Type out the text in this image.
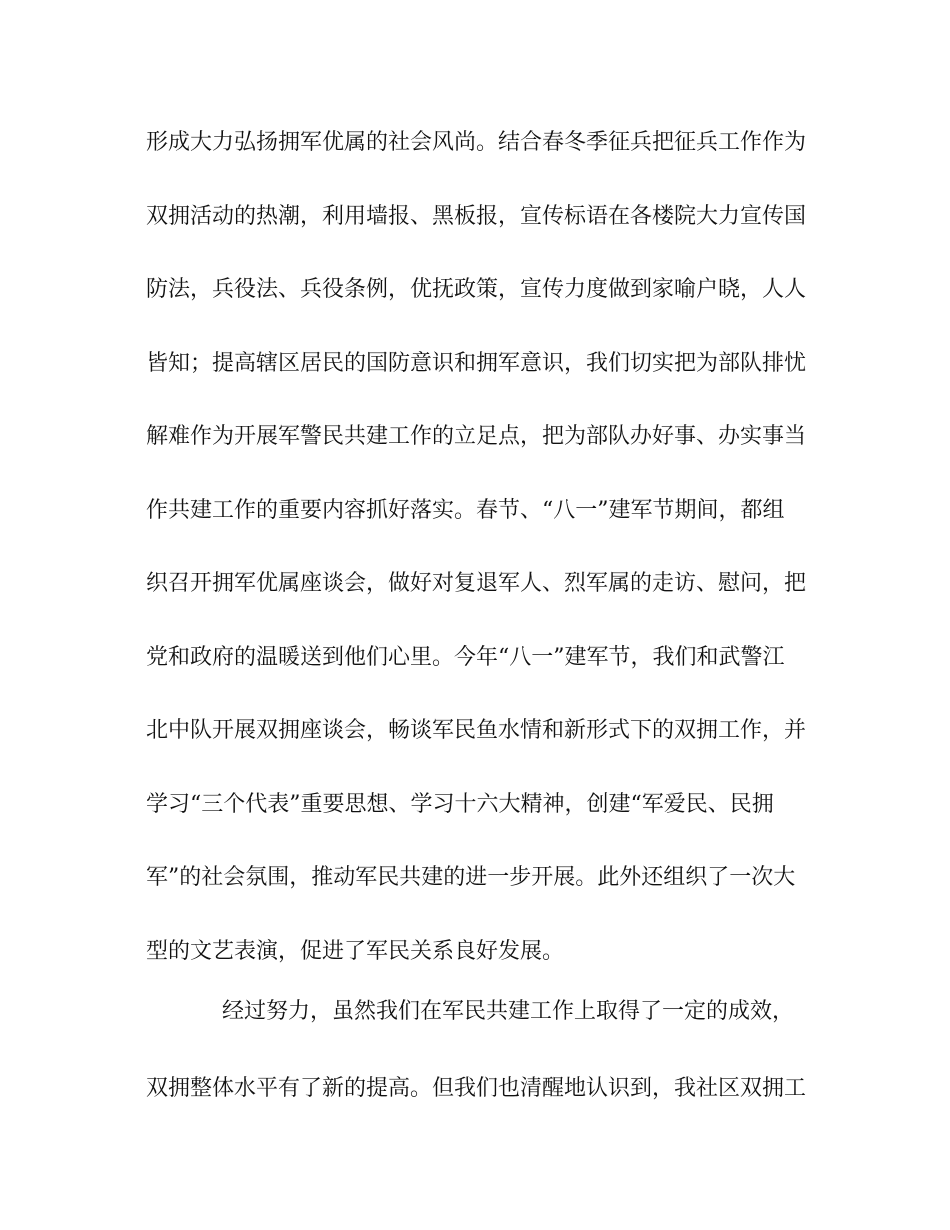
形成大力弘扬拥军优属的社会风尚。结合春冬季征兵把征兵工作作为
双拥活动的热潮，利用墙报、黑板报，宣传标语在各楼院大力宣传国
防法，兵役法、兵役条例，优抚政策，宣传力度做到家喻户晓，人人
皆知；提高辖区居民的国防意识和拥军意识，我们切实把为部队排忧
解难作为开展军警民共建工作的立足点，把为部队办好事、办实事当
作共建工作的重要内容抓好落实。春节、“八一”建军节期间，都组
织召开拥军优属座谈会，做好对复退军人、烈军属的走访、慰问，把
党和政府的温暖送到他们心里。今年“八一”建军节，我们和武警江
北中队开展双拥座谈会，畅谈军民鱼水情和新形式下的双拥工作，并
学习“三个代表”重要思想、学习十六大精神，创建“军爱民、民拥
军”的社会氛围，推动军民共建的进一步开展。此外还组织了一次大
型的文艺表演，促进了军民关系良好发展。
经过努力，虽然我们在军民共建工作上取得了一定的成效，
双拥整体水平有了新的提高。但我们也清醒地认识到，我社区双拥工
